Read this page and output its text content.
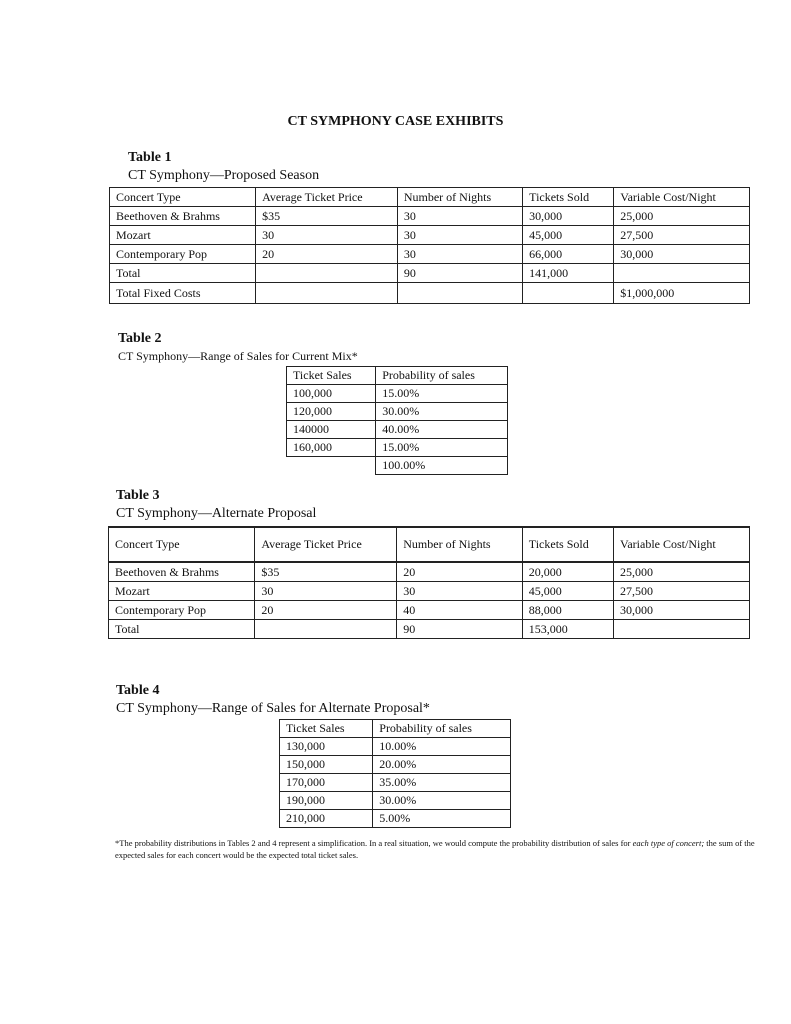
CT SYMPHONY CASE EXHIBITS
Table 1
CT Symphony—Proposed Season
Concert Type	Average Ticket Price	Number of Nights	Tickets Sold	Variable Cost/Night
Beethoven & Brahms	$35	30	30,000	25,000
Mozart	30	30	45,000	27,500
Contemporary Pop	20	30	66,000	30,000
Total		90	141,000	
Total Fixed Costs				$1,000,000
Table 2
CT Symphony—Range of Sales for Current Mix*
Ticket Sales	Probability of sales
100,000	15.00%
120,000	30.00%
140000	40.00%
160,000	15.00%
	100.00%
Table 3
CT Symphony—Alternate Proposal
Concert Type	Average Ticket Price	Number of Nights	Tickets Sold	Variable Cost/Night
Beethoven & Brahms	$35	20	20,000	25,000
Mozart	30	30	45,000	27,500
Contemporary Pop	20	40	88,000	30,000
Total		90	153,000	
Table 4
CT Symphony—Range of Sales for Alternate Proposal*
Ticket Sales	Probability of sales
130,000	10.00%
150,000	20.00%
170,000	35.00%
190,000	30.00%
210,000	5.00%
*The probability distributions in Tables 2 and 4 represent a simplification. In a real situation, we would compute the probability distribution of sales for each type of concert; the sum of the expected sales for each concert would be the expected total ticket sales.
